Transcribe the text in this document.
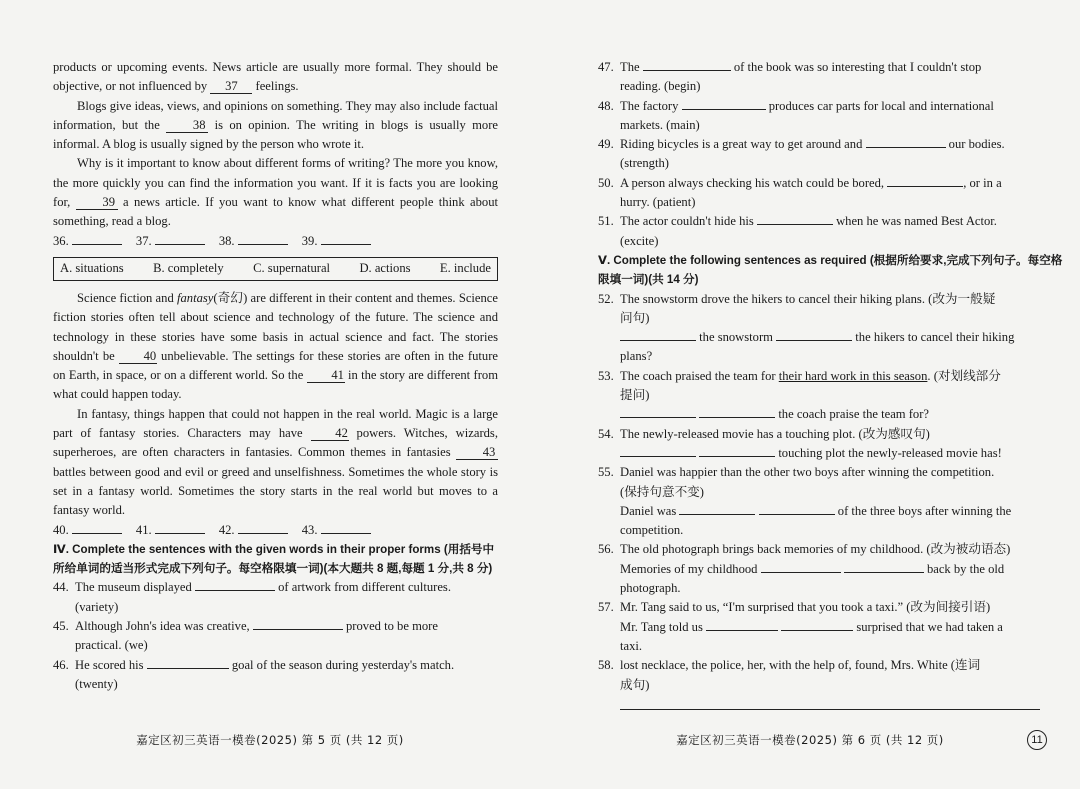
products or upcoming events. News article are usually more formal. They should be objective, or not influenced by 37 feelings.

Blogs give ideas, views, and opinions on something. They may also include factual information, but the 38 is on opinion. The writing in blogs is usually more informal. A blog is usually signed by the person who wrote it.

Why is it important to know about different forms of writing? The more you know, the more quickly you can find the information you want. If it is facts you are looking for, 39 a news article. If you want to know what different people think about something, read a blog.

36.	37.	38.	39.
A. situations B. completely C. supernatural D. actions E. include

Science fiction and fantasy(奇幻) are different in their content and themes. Science fiction stories often tell about science and technology of the future. The science and technology in these stories have some basis in actual science and fact. The stories shouldn't be 40 unbelievable. The settings for these stories are often in the future on Earth, in space, or on a different world. So the 41 in the story are different from what could happen today.

In fantasy, things happen that could not happen in the real world. Magic is a large part of fantasy stories. Characters may have 42 powers. Witches, wizards, superheroes, are often characters in fantasies. Common themes in fantasies 43 battles between good and evil or greed and unselfishness. Sometimes the whole story is set in a fantasy world. Sometimes the story starts in the real world but moves to a fantasy world.

40.	41.	42.	43.

Ⅳ. Complete the sentences with the given words in their proper forms (用括号中所给单词的适当形式完成下列句子。每空格限填一词)(本大题共 8 题,每题 1 分,共 8 分)

44. The museum displayed	of artwork from different cultures.
(variety)
45. Although John's idea was creative,	proved to be more
practical. (we)
46. He scored his	goal of the season during yesterday's match.
(twenty)
嘉定区初三英语一模卷(2025) 第 5 页 (共 12 页)
47. The	of the book was so interesting that I couldn't stop
reading. (begin)
48. The factory	produces car parts for local and international
markets. (main)
49. Riding bicycles is a great way to get around and	our bodies.
(strength)
50. A person always checking his watch could be bored,	, or in a
hurry. (patient)
51. The actor couldn't hide his	when he was named Best Actor.
(excite)

Ⅴ. Complete the following sentences as required (根据所给要求,完成下列句子。每空格限填一词)(共 14 分)

52. The snowstorm drove the hikers to cancel their hiking plans. (改为一般疑
问句)
the snowstorm	the hikers to cancel their hiking
plans?
53. The coach praised the team for their hard work in this season. (对划线部分
提问)
the coach praise the team for?
54. The newly-released movie has a touching plot. (改为感叹句)
touching plot the newly-released movie has!
55. Daniel was happier than the other two boys after winning the competition.
(保持句意不变)
Daniel was	of the three boys after winning the
competition.
56. The old photograph brings back memories of my childhood. (改为被动语态)
Memories of my childhood	back by the old
photograph.
57. Mr. Tang said to us, “I'm surprised that you took a taxi.” (改为间接引语)
Mr. Tang told us	surprised that we had taken a
taxi.
58. lost necklace, the police, her, with the help of, found, Mrs. White (连词
成句)
嘉定区初三英语一模卷(2025) 第 6 页 (共 12 页)	11
